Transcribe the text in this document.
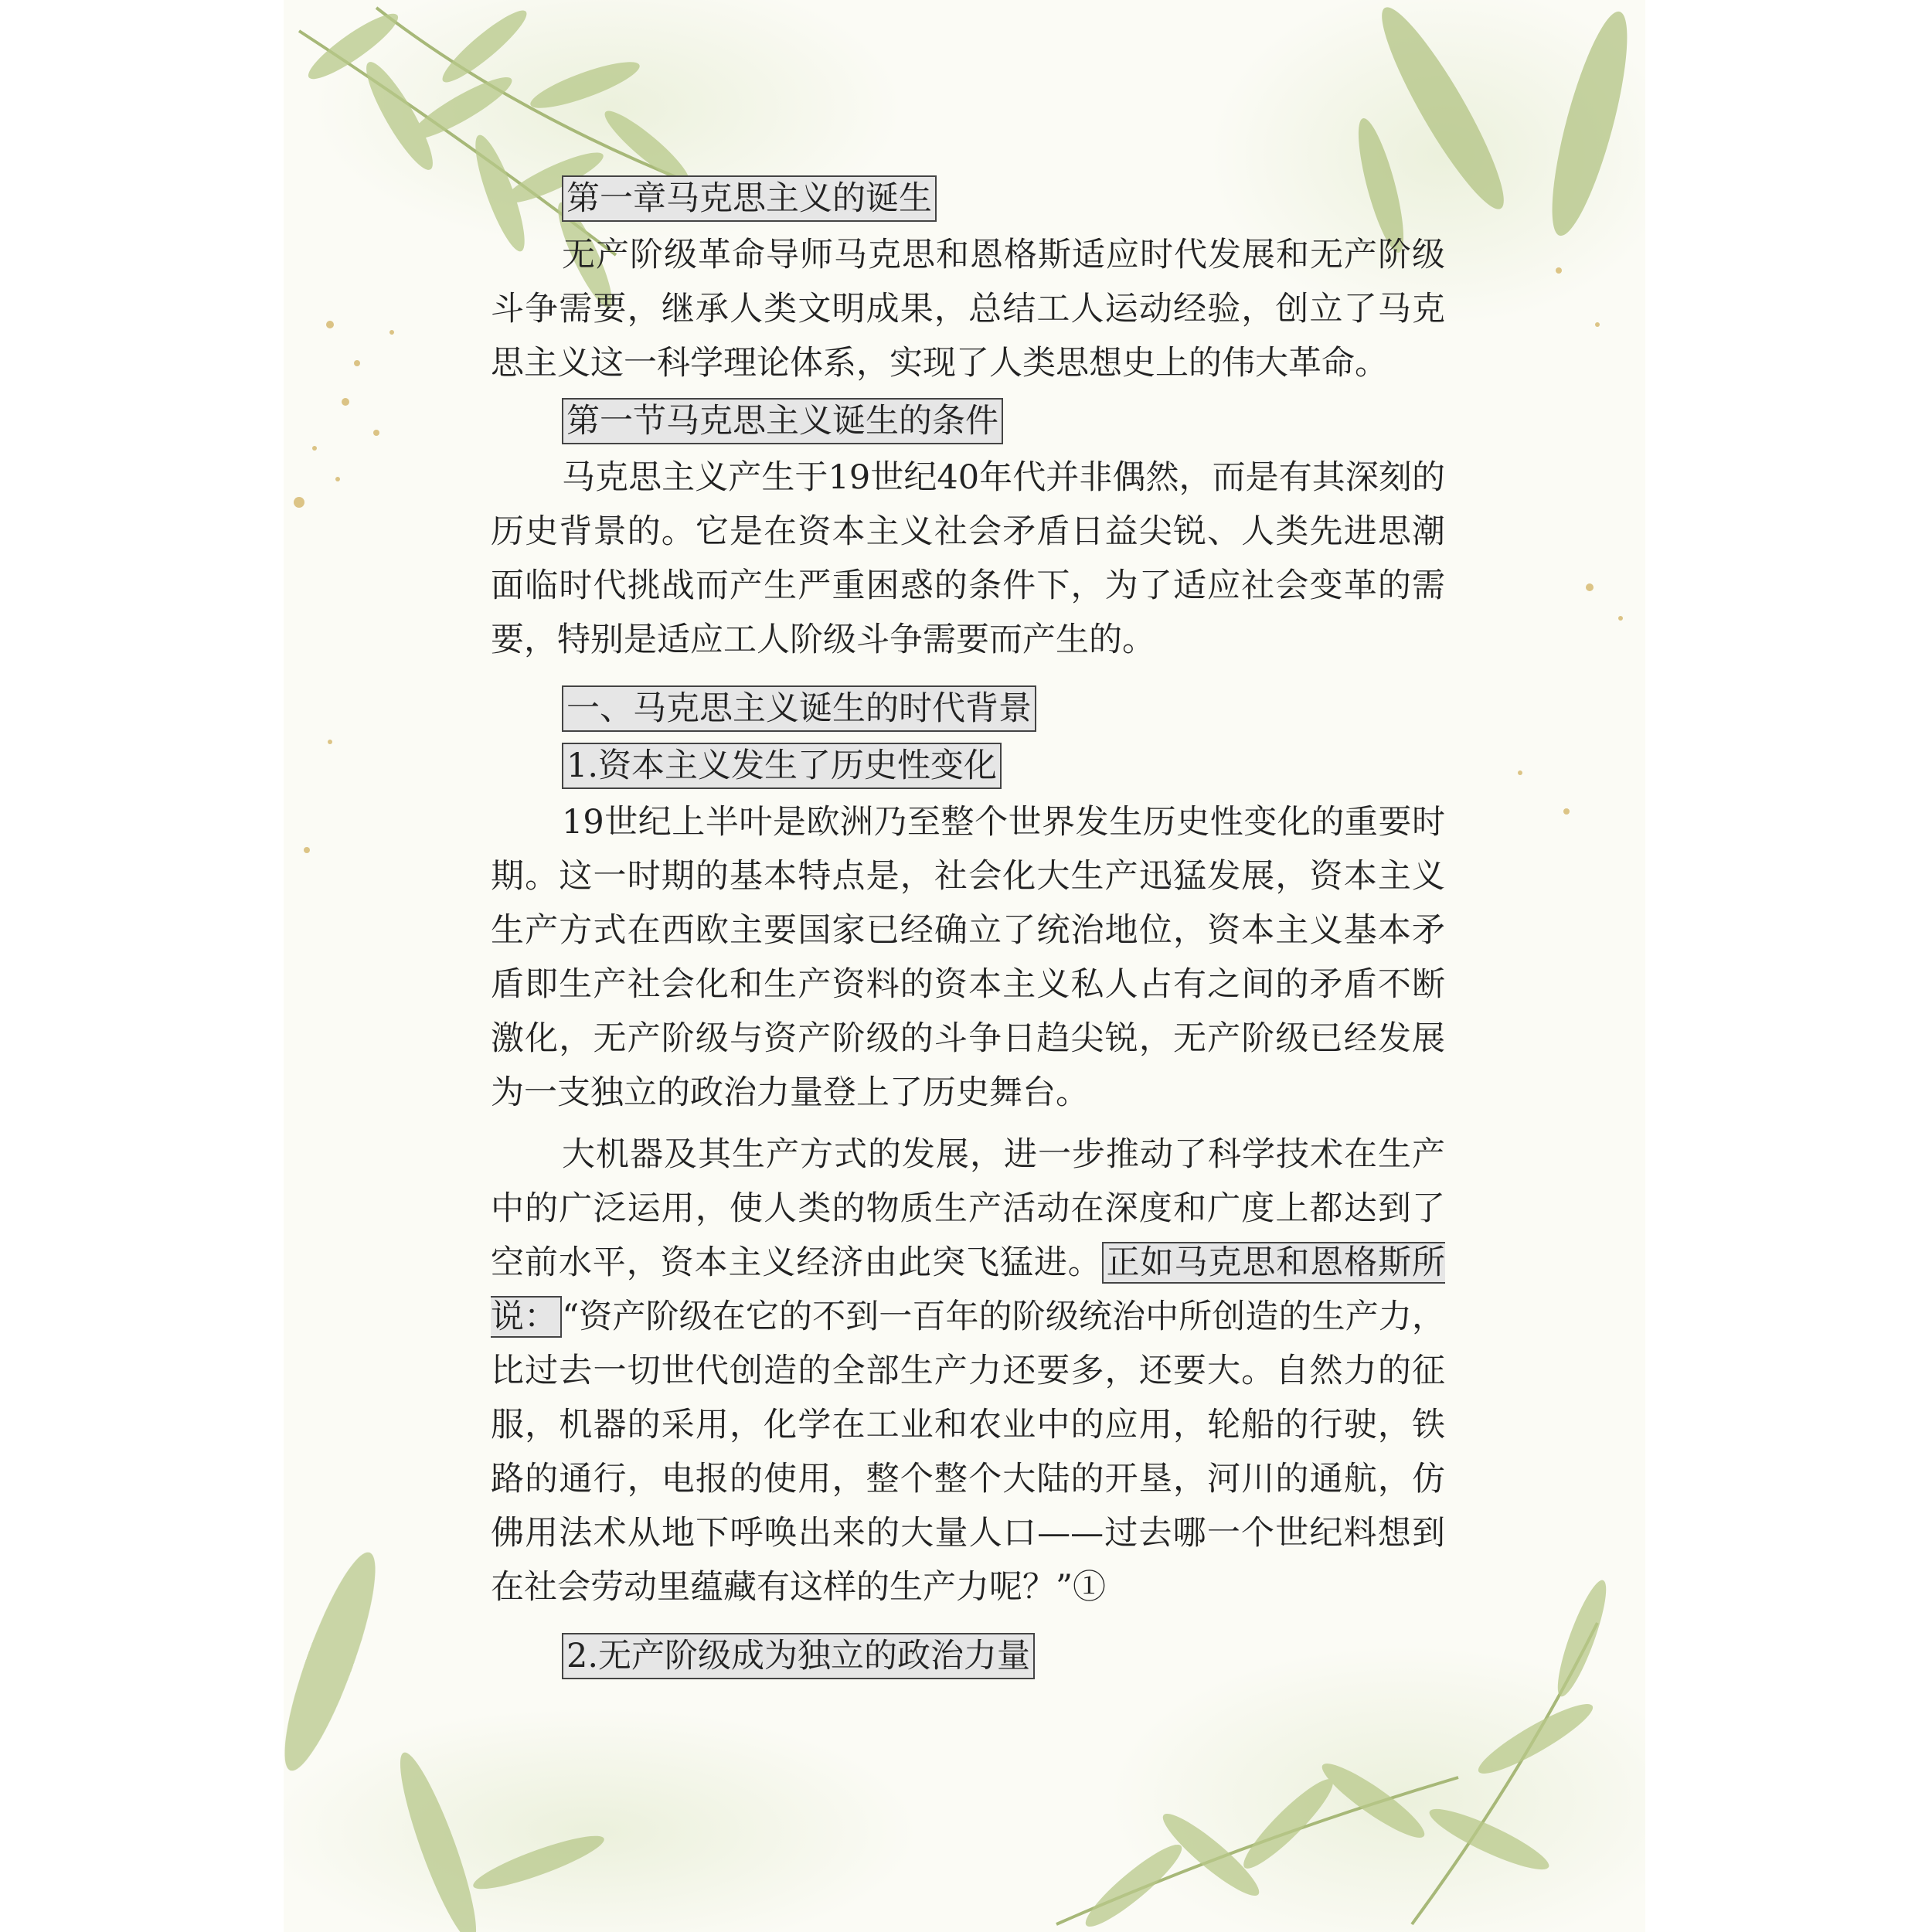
第一章马克思主义的诞生

无产阶级革命导师马克思和恩格斯适应时代发展和无产阶级斗争需要，继承人类文明成果，总结工人运动经验，创立了马克思主义这一科学理论体系，实现了人类思想史上的伟大革命。

第一节马克思主义诞生的条件

马克思主义产生于19世纪40年代并非偶然，而是有其深刻的历史背景的。它是在资本主义社会矛盾日益尖锐、人类先进思潮面临时代挑战而产生严重困惑的条件下，为了适应社会变革的需要，特别是适应工人阶级斗争需要而产生的。

一、马克思主义诞生的时代背景 1.资本主义发生了历史性变化

19世纪上半叶是欧洲乃至整个世界发生历史性变化的重要时期。这一时期的基本特点是，社会化大生产迅猛发展，资本主义生产方式在西欧主要国家已经确立了统治地位，资本主义基本矛盾即生产社会化和生产资料的资本主义私人占有之间的矛盾不断激化，无产阶级与资产阶级的斗争日趋尖锐，无产阶级已经发展为一支独立的政治力量登上了历史舞台。

大机器及其生产方式的发展，进一步推动了科学技术在生产中的广泛运用，使人类的物质生产活动在深度和广度上都达到了空前水平，资本主义经济由此突飞猛进。 正如马克思和恩格斯所说： “资产阶级在它的不到一百年的阶级统治中所创造的生产力，比过去一切世代创造的全部生产力还要多，还要大。自然力的征服，机器的采用，化学在工业和农业中的应用，轮船的行驶，铁路的通行，电报的使用，整个整个大陆的开垦，河川的通航，仿佛用法术从地下呼唤出来的大量人口——过去哪一个世纪料想到在社会劳动里蕴藏有这样的生产力呢？”①

2.无产阶级成为独立的政治力量
